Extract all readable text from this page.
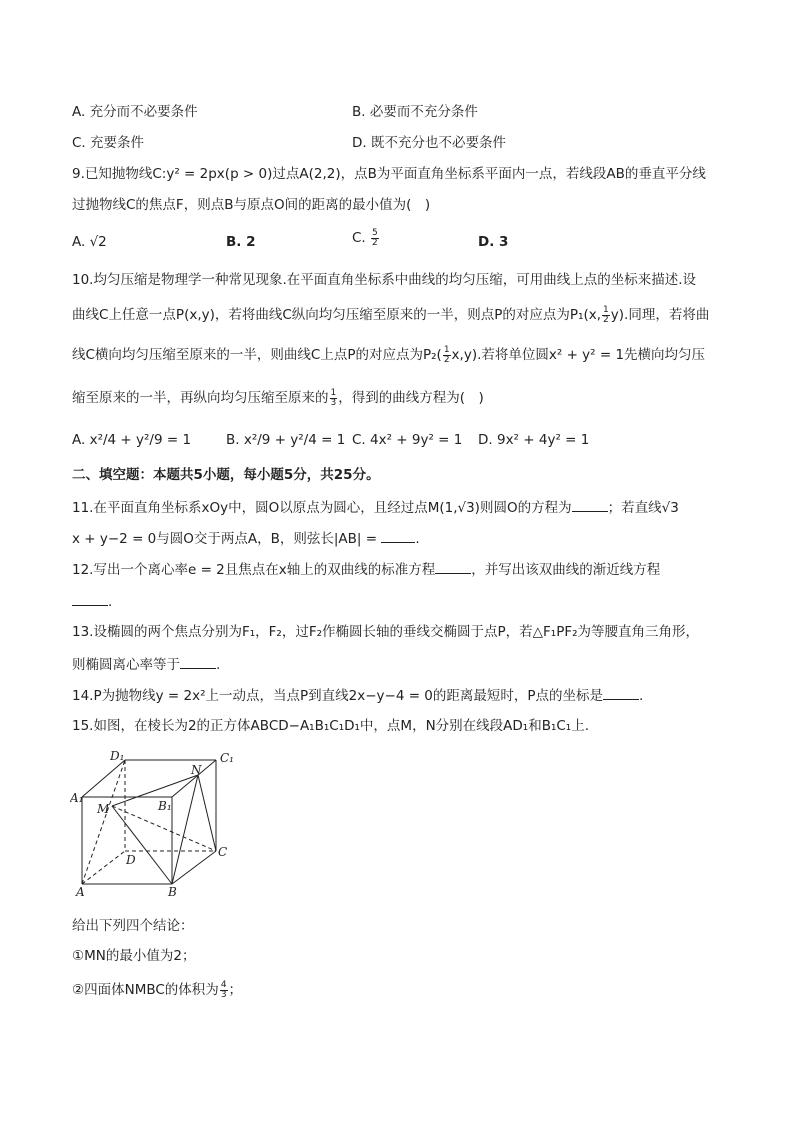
A. 充分而不必要条件	B. 必要而不充分条件
C. 充要条件	D. 既不充分也不必要条件
9.已知抛物线C:y² = 2px(p > 0)过点A(2,2)，点B为平面直角坐标系平面内一点，若线段AB的垂直平分线
过抛物线C的焦点F，则点B与原点O间的距离的最小值为(　)
A. √2	B. 2	C. $\frac{5}{2}$	D. 3
10.均匀压缩是物理学一种常见现象.在平面直角坐标系中曲线的均匀压缩，可用曲线上点的坐标来描述.设
曲线C上任意一点P(x,y)，若将曲线C纵向均匀压缩至原来的一半，则点P的对应点为P₁(x, $\frac{1}{2} y$).同理，若将曲
线C横向均匀压缩至原来的一半，则曲线C上点P的对应点为$P_2( \frac{1}{2} x,y)$.若将单位圆x² + y² = 1先横向均匀压
缩至原来的一半，再纵向均匀压缩至原来的 $\frac{1}{3}$ ，得到的曲线方程为(　)
A. x²/4 + y²/9 = 1	B. x²/9 + y²/4 = 1 C. 4x² + 9y² = 1 D. 9x² + 4y² = 1
二、填空题：本题共5小题，每小题5分，共25分。
11.在平面直角坐标系xOy中，圆O以原点为圆心，且经过点M(1,√3)则圆O的方程为	；若直线√3
x + y−2 = 0与圆O交于两点A，B，则弦长|AB| =	.
12.写出一个离心率e = 2且焦点在x轴上的双曲线的标准方程	，并写出该双曲线的渐近线方程
.
13.设椭圆的两个焦点分别为F₁，F₂，过F₂作椭圆长轴的垂线交椭圆于点P，若△F₁PF₂为等腰直角三角形，
则椭圆离心率等于	.
14.P为抛物线y = 2x²上一动点，当点P到直线2x−y−4 = 0的距离最短时，P点的坐标是	.
15.如图，在棱长为2的正方体ABCD−A₁B₁C₁D₁中，点M，N分别在线段AD₁和B₁C₁上.
D₁	C₁
A₁
B₁
M
N
D
C
A	B
给出下列四个结论：
①MN的最小值为2；
②四面体NMBC的体积为 $\frac{4}{3}$ ；
